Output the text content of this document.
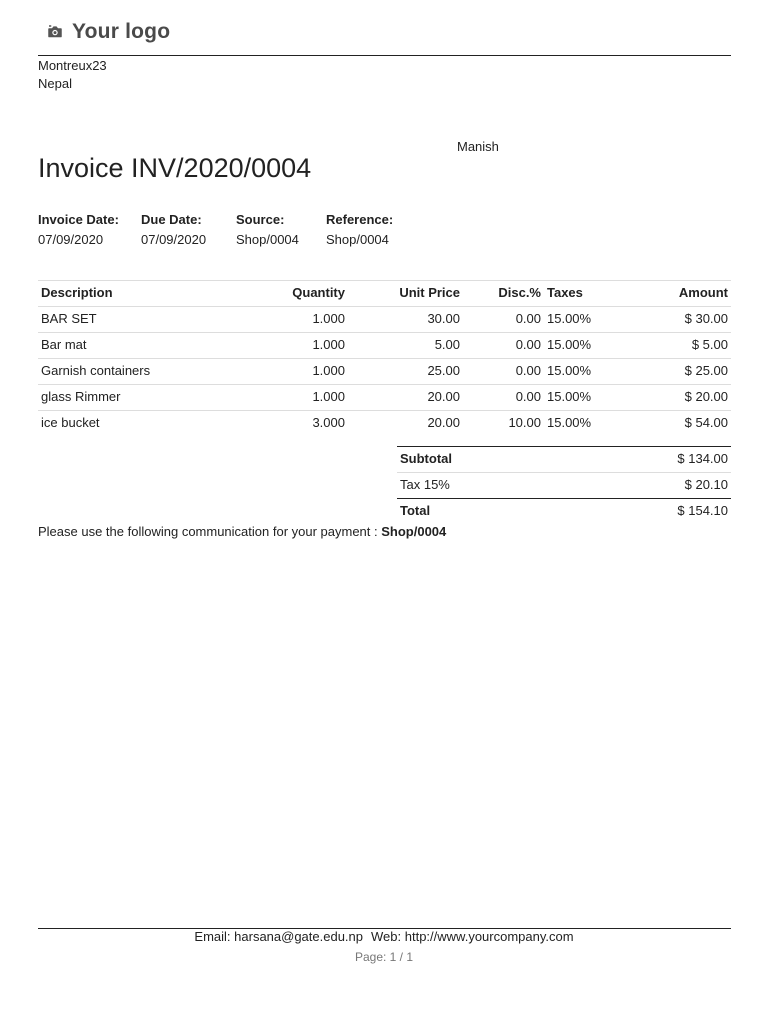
Your logo
Montreux23
Nepal
Manish
Invoice INV/2020/0004
Invoice Date:
07/09/2020
Due Date:
07/09/2020
Source:
Shop/0004
Reference:
Shop/0004
Description	Quantity	Unit Price	Disc.% Taxes	Amount
BAR SET	1.000	30.00	0.00 15.00%	$ 30.00
Bar mat	1.000	5.00	0.00 15.00%	$ 5.00
Garnish containers	1.000	25.00	0.00 15.00%	$ 25.00
glass Rimmer	1.000	20.00	0.00 15.00%	$ 20.00
ice bucket	3.000	20.00	10.00 15.00%	$ 54.00
Subtotal	$ 134.00
Tax 15%	$ 20.10
Total	$ 154.10
Please use the following communication for your payment : Shop/0004
Email: harsana@gate.edu.np Web: http://www.yourcompany.com
Page: 1 / 1
